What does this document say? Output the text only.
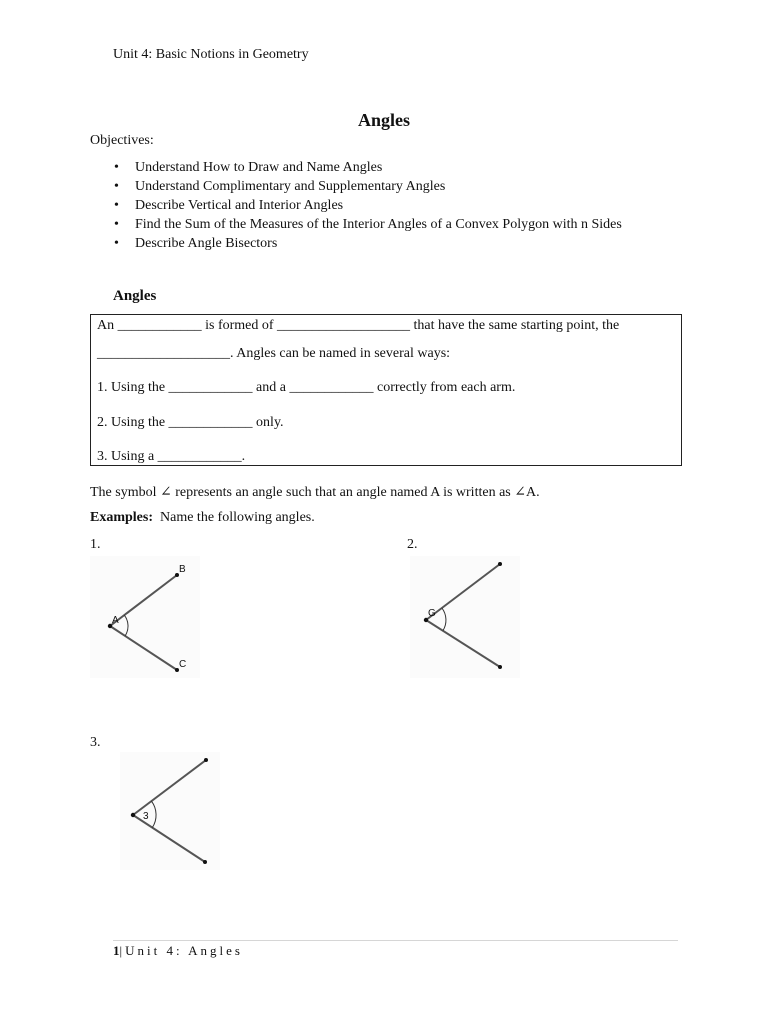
Unit 4: Basic Notions in Geometry
Angles
Objectives:
• Understand How to Draw and Name Angles
• Understand Complimentary and Supplementary Angles
• Describe Vertical and Interior Angles
• Find the Sum of the Measures of the Interior Angles of a Convex Polygon with n Sides
• Describe Angle Bisectors
Angles
An ____________ is formed of ___________________ that have the same starting point, the
___________________. Angles can be named in several ways:
1. Using the ____________ and a ____________ correctly from each arm.
2. Using the ____________ only.
3. Using a ____________.
The symbol ∠ represents an angle such that an angle named A is written as ∠A.
Examples: Name the following angles.
1.
A
B
C
2.
G
3.
3
1|Unit 4: Angles
